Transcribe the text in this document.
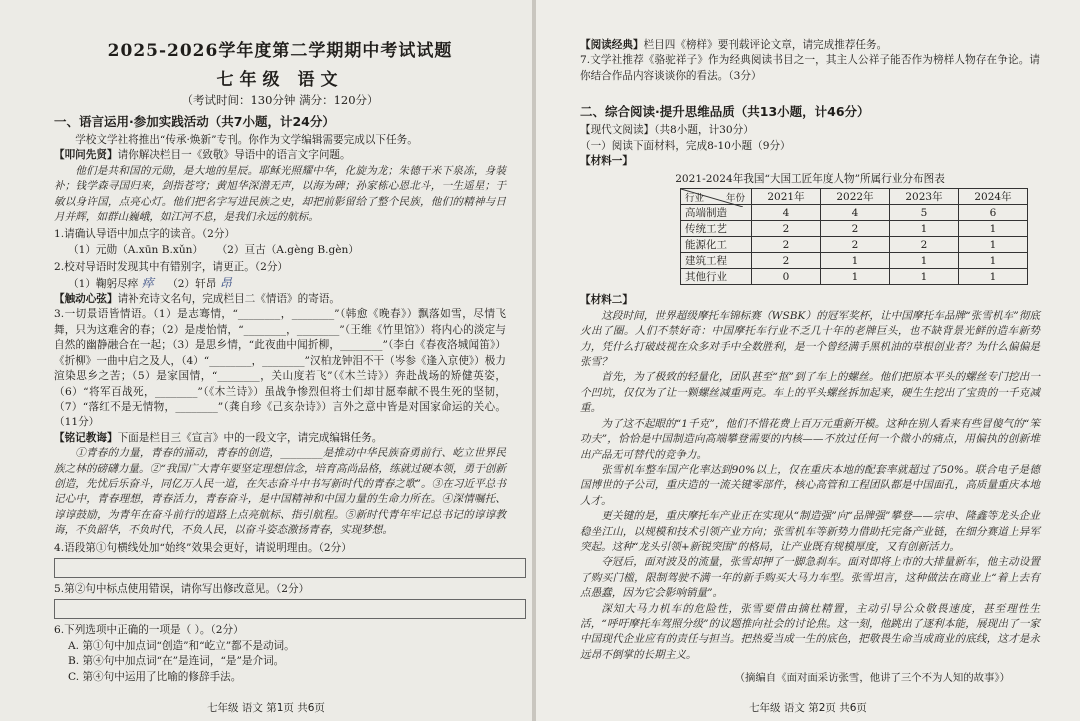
2025-2026学年度第二学期期中考试试题
七年级 语文
（考试时间：130分钟 满分：120分）
一、语言运用·参加实践活动（共7小题，计24分）

学校文学社将推出“传承·焕新”专刊。你作为文学编辑需要完成以下任务。

【叩问先贤】请你解决栏目一《致敬》导语中的语言文字问题。

他们是共和国的元勋，是大地的星辰。耶稣光照耀中华，化旋为龙；朱德干米下泉冻，身装补；钱学森寻国归来，剑指苍穹；黄旭华深潜无声，以海为碑；孙家栋心恩北斗，一生遥星；于敏以身许国，点亮心灯。他们把名字写进民族之史，却把前影留给了整个民族，他们的精神与日月并辉，如群山巍峨，如江河不息，是我们永远的航标。

1.请确认导语中加点字的读音。（2分）

（1）元勋（A.xūn B.xǔn） （2）亘古（A.gèng B.gèn）

2.校对导语时发现其中有错别字，请更正。（2分）

（1）鞠躬尽瘁 瘁 （2）轩昂 昂

【触动心弦】请补充诗文名句，完成栏目二《情语》的寄语。

3.一切景语皆情语。（1）是志骞情，“________，________”（韩愈《晚春》）飘落如雪，尽情飞舞，只为这难舍的春；（2）是虔怡情，“________，________”（王维《竹里馆》）将内心的淡定与自然的幽静融合在一起；（3）是思乡情，“此夜曲中闻折柳，________”（李白《春夜洛城闻笛》）《折柳》一曲中启之及人，（4）“________，________”汉柏龙钟泪不干（岑参《逢入京使》）极力渲染思乡之苦；（5）是家国情，“________，关山度若飞”（《木兰诗》）奔赴战场的矫健英姿，（6）“将军百战死，________”（《木兰诗》）虽战争惨烈但将士们却甘愿奉献不畏生死的坚韧，（7）“落红不是无情物，________”（龚自珍《己亥杂诗》）言外之意中皆是对国家命运的关心。（11分）

【铭记教诲】下面是栏目三《宣言》中的一段文字，请完成编辑任务。

①青春的力量，青春的涌动，青春的创造，________是推动中华民族奋勇前行、屹立世界民族之林的磅礴力量。②“我国广大青年要坚定理想信念，培育高尚品格，练就过硬本领，勇于创新创造，先忧后乐奋斗，同亿万人民一道，在矢志奋斗中书写新时代的青春之歌”。③在习近平总书记心中，青春理想，青春活力，青春奋斗，是中国精神和中国力量的生命力所在。④深情嘱托、谆谆鼓励，为青年在奋斗前行的道路上点亮航标、指引航程。⑤新时代青年牢记总书记的谆谆教诲，不负韶华，不负时代，不负人民，以奋斗姿态激扬青春，实现梦想。

4.语段第①句横线处加“始终”效果会更好，请说明理由。（2分）

5.第②句中标点使用错误，请你写出修改意见。（2分）

6.下列选项中正确的一项是（ ）。（2分）

A. 第①句中加点词“创造”和“屹立”都不是动词。

B. 第④句中加点词“在”是连词，“是”是介词。

C. 第④句中运用了比喻的修辞手法。

七年级 语文 第1页 共6页

【阅读经典】栏目四《榜样》要刊载评论文章，请完成推荐任务。

7.文学社推荐《骆驼祥子》作为经典阅读书目之一，其主人公祥子能否作为榜样人物存在争论。请你结合作品内容谈谈你的看法。（3分）

二、综合阅读·提升思维品质（共13小题，计46分）

【现代文阅读】（共8小题，计30分）

（一）阅读下面材料，完成8-10小题（9分）

【材料一】

2021-2024年我国“大国工匠年度人物”所属行业分布图表
年份
行业	2021年	2022年	2023年	2024年
高端制造	4	4	5	6
传统工艺	2	2	1	1
能源化工	2	2	2	1
建筑工程	2	1	1	1
其他行业	0	1	1	1

【材料二】

这段时间，世界超级摩托车锦标赛（WSBK）的冠军奖杯，让中国摩托车品牌“张雪机车”彻底火出了圈。人们不禁好奇：中国摩托车行业不乏几十年的老牌巨头，也不缺背景光鲜的造车新势力，凭什么打破歧视在众多对手中全数胜利，是一个曾经满手黑机油的草根创业者？为什么偏偏是张雪？

首先，为了极致的轻量化，团队甚至“抠”到了车上的螺丝。他们把原本平头的螺丝专门挖出一个凹坑，仅仅为了让一颗螺丝减重两克。车上的平头螺丝拆加起来，硬生生挖出了宝贵的一千克减重。

为了这不起眼的“1千克”，他们不惜花费上百万元重新开模。这种在别人看来有些冒傻气的“笨功夫”，恰恰是中国制造向高端攀登需要的内核——不放过任何一个微小的痛点，用偏执的创新堆出产品无可替代的竞争力。

张雪机车整车国产化率达到90%以上，仅在重庆本地的配套率就超过了50%。联合电子是德国博世的子公司，重庆造的一流关键零部件，核心高管和工程团队都是中国面孔，高质量重庆本地人才。

更关键的是，重庆摩托车产业正在实现从“制造强”向“品牌强”攀登——宗申、隆鑫等龙头企业稳坐江山，以规模和技术引领产业方向；张雪机车等新势力借助托完备产业链，在细分赛道上异军突起。这种“龙头引领+新锐突围”的格局，让产业既有规模厚度，又有创新活力。

夺冠后，面对波及的流量，张雪却押了一脚急刹车。面对即将上市的大排量新车，他主动设置了购买门槛，限制驾驶不满一年的新手购买大马力车型。张雪坦言，这种做法在商业上“着上去有点愚蠢，因为它会影响销量”。

深知大马力机车的危险性，张雪要借由摘杜精置，主动引导公众敬畏速度，甚至理性生活，“呼吁摩托车驾照分级”的议题推向社会的讨论焦。这一刻，他跳出了逐利本能，展现出了一家中国现代企业应有的责任与担当。把热爱当成一生的底色，把敬畏生命当成商业的底线，这才是永远昂不倒掌的长期主义。

（摘编自《面对面采访张雪，他讲了三个不为人知的故事》）
七年级 语文 第2页 共6页
